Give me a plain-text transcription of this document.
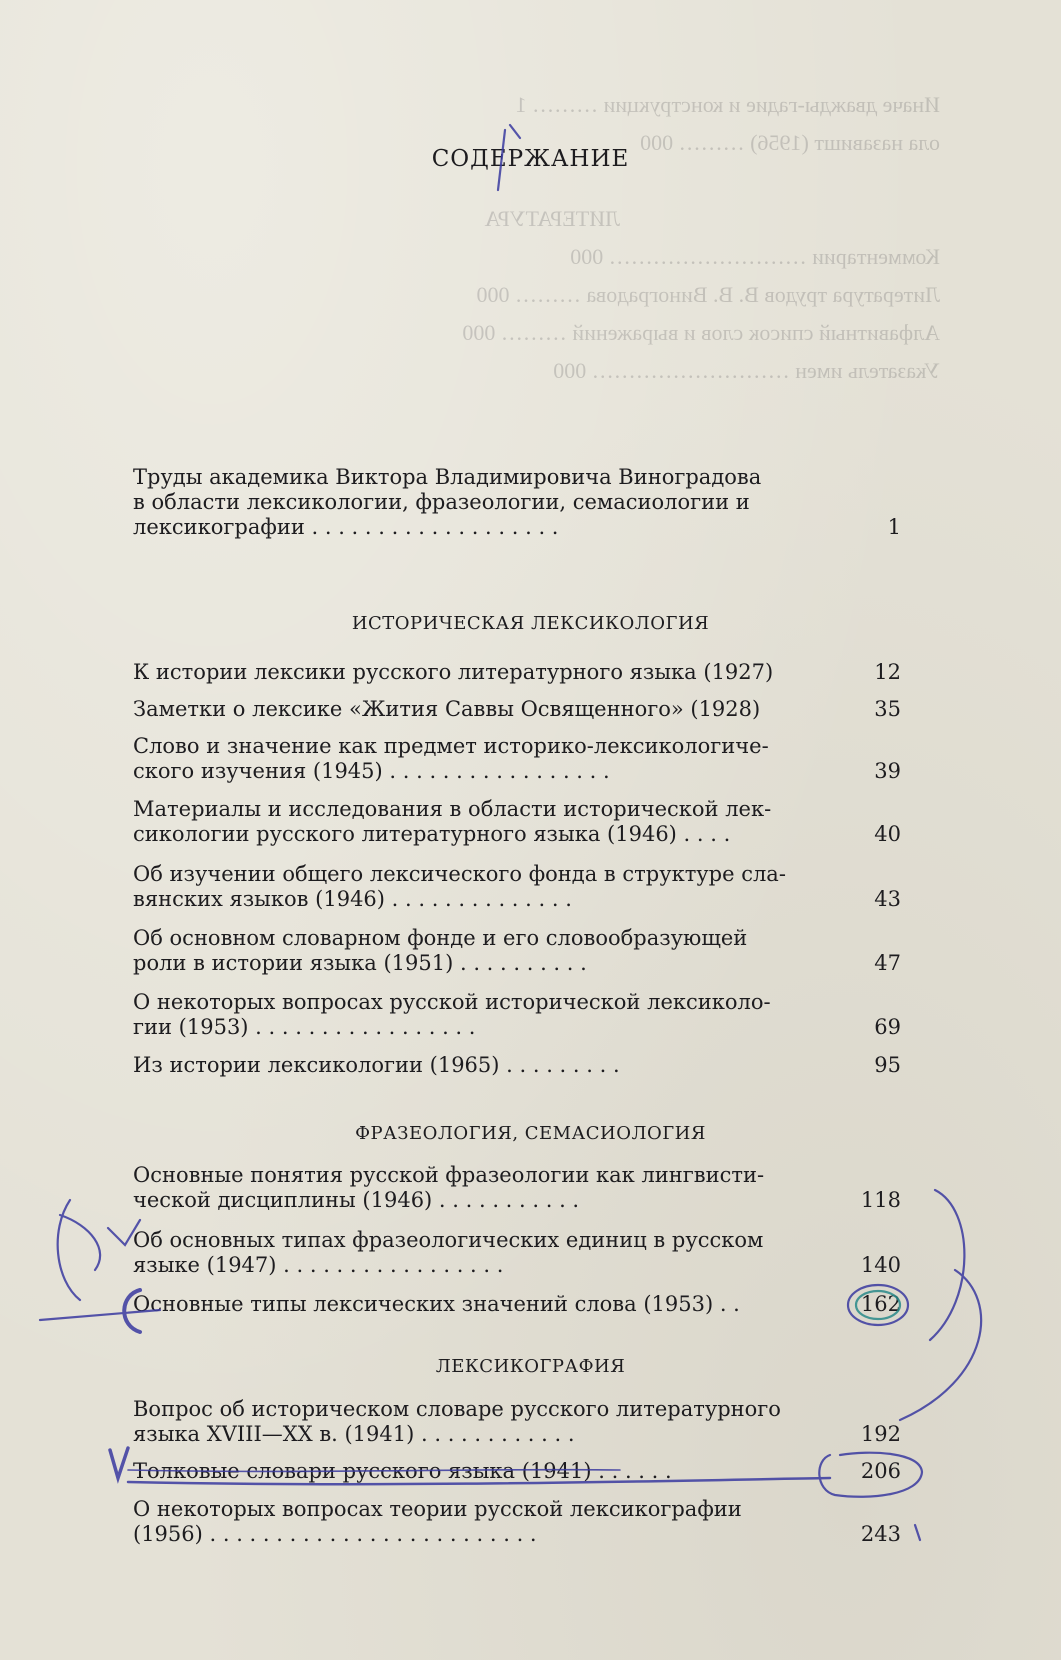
Иначе дважды-гадие и конструкции ……… 1
ола назавишт (1956) ……… 000

ЛИТЕРАТУРА
Комментарии ……………………… 000
Литература трудов В. В. Виноградова ……… 000
Алфавитный список слов и выражений ……… 000
Указатель имен ……………………… 000
СОДЕРЖАНИЕ
Труды академика Виктора Владимировича Виноградова
в области лексикологии, фразеологии, семасиологии и
лексикографии . . . . . . . . . . . . . . . . . . .	1
ИСТОРИЧЕСКАЯ ЛЕКСИКОЛОГИЯ
К истории лексики русского литературного языка (1927)	12
Заметки о лексике «Жития Саввы Освященного» (1928)	35
Слово и значение как предмет историко-лексикологиче-
ского изучения (1945) . . . . . . . . . . . . . . . . .	39
Материалы и исследования в области исторической лек-
сикологии русского литературного языка (1946) . . . .	40
Об изучении общего лексического фонда в структуре сла-
вянских языков (1946) . . . . . . . . . . . . . .	43
Об основном словарном фонде и его словообразующей
роли в истории языка (1951) . . . . . . . . . .	47
О некоторых вопросах русской исторической лексиколо-
гии (1953) . . . . . . . . . . . . . . . . .	69
Из истории лексикологии (1965) . . . . . . . . .	95
ФРАЗЕОЛОГИЯ, СЕМАСИОЛОГИЯ
Основные понятия русской фразеологии как лингвисти-
ческой дисциплины (1946) . . . . . . . . . . .	118
Об основных типах фразеологических единиц в русском
языке (1947) . . . . . . . . . . . . . . . . .	140
Основные типы лексических значений слова (1953) . .	162
ЛЕКСИКОГРАФИЯ
Вопрос об историческом словаре русского литературного
языка XVIII—XX в. (1941) . . . . . . . . . . . .	192
Толковые словари русского языка (1941) . . . . . .	206
О некоторых вопросах теории русской лексикографии
(1956) . . . . . . . . . . . . . . . . . . . . . . . . .	243
